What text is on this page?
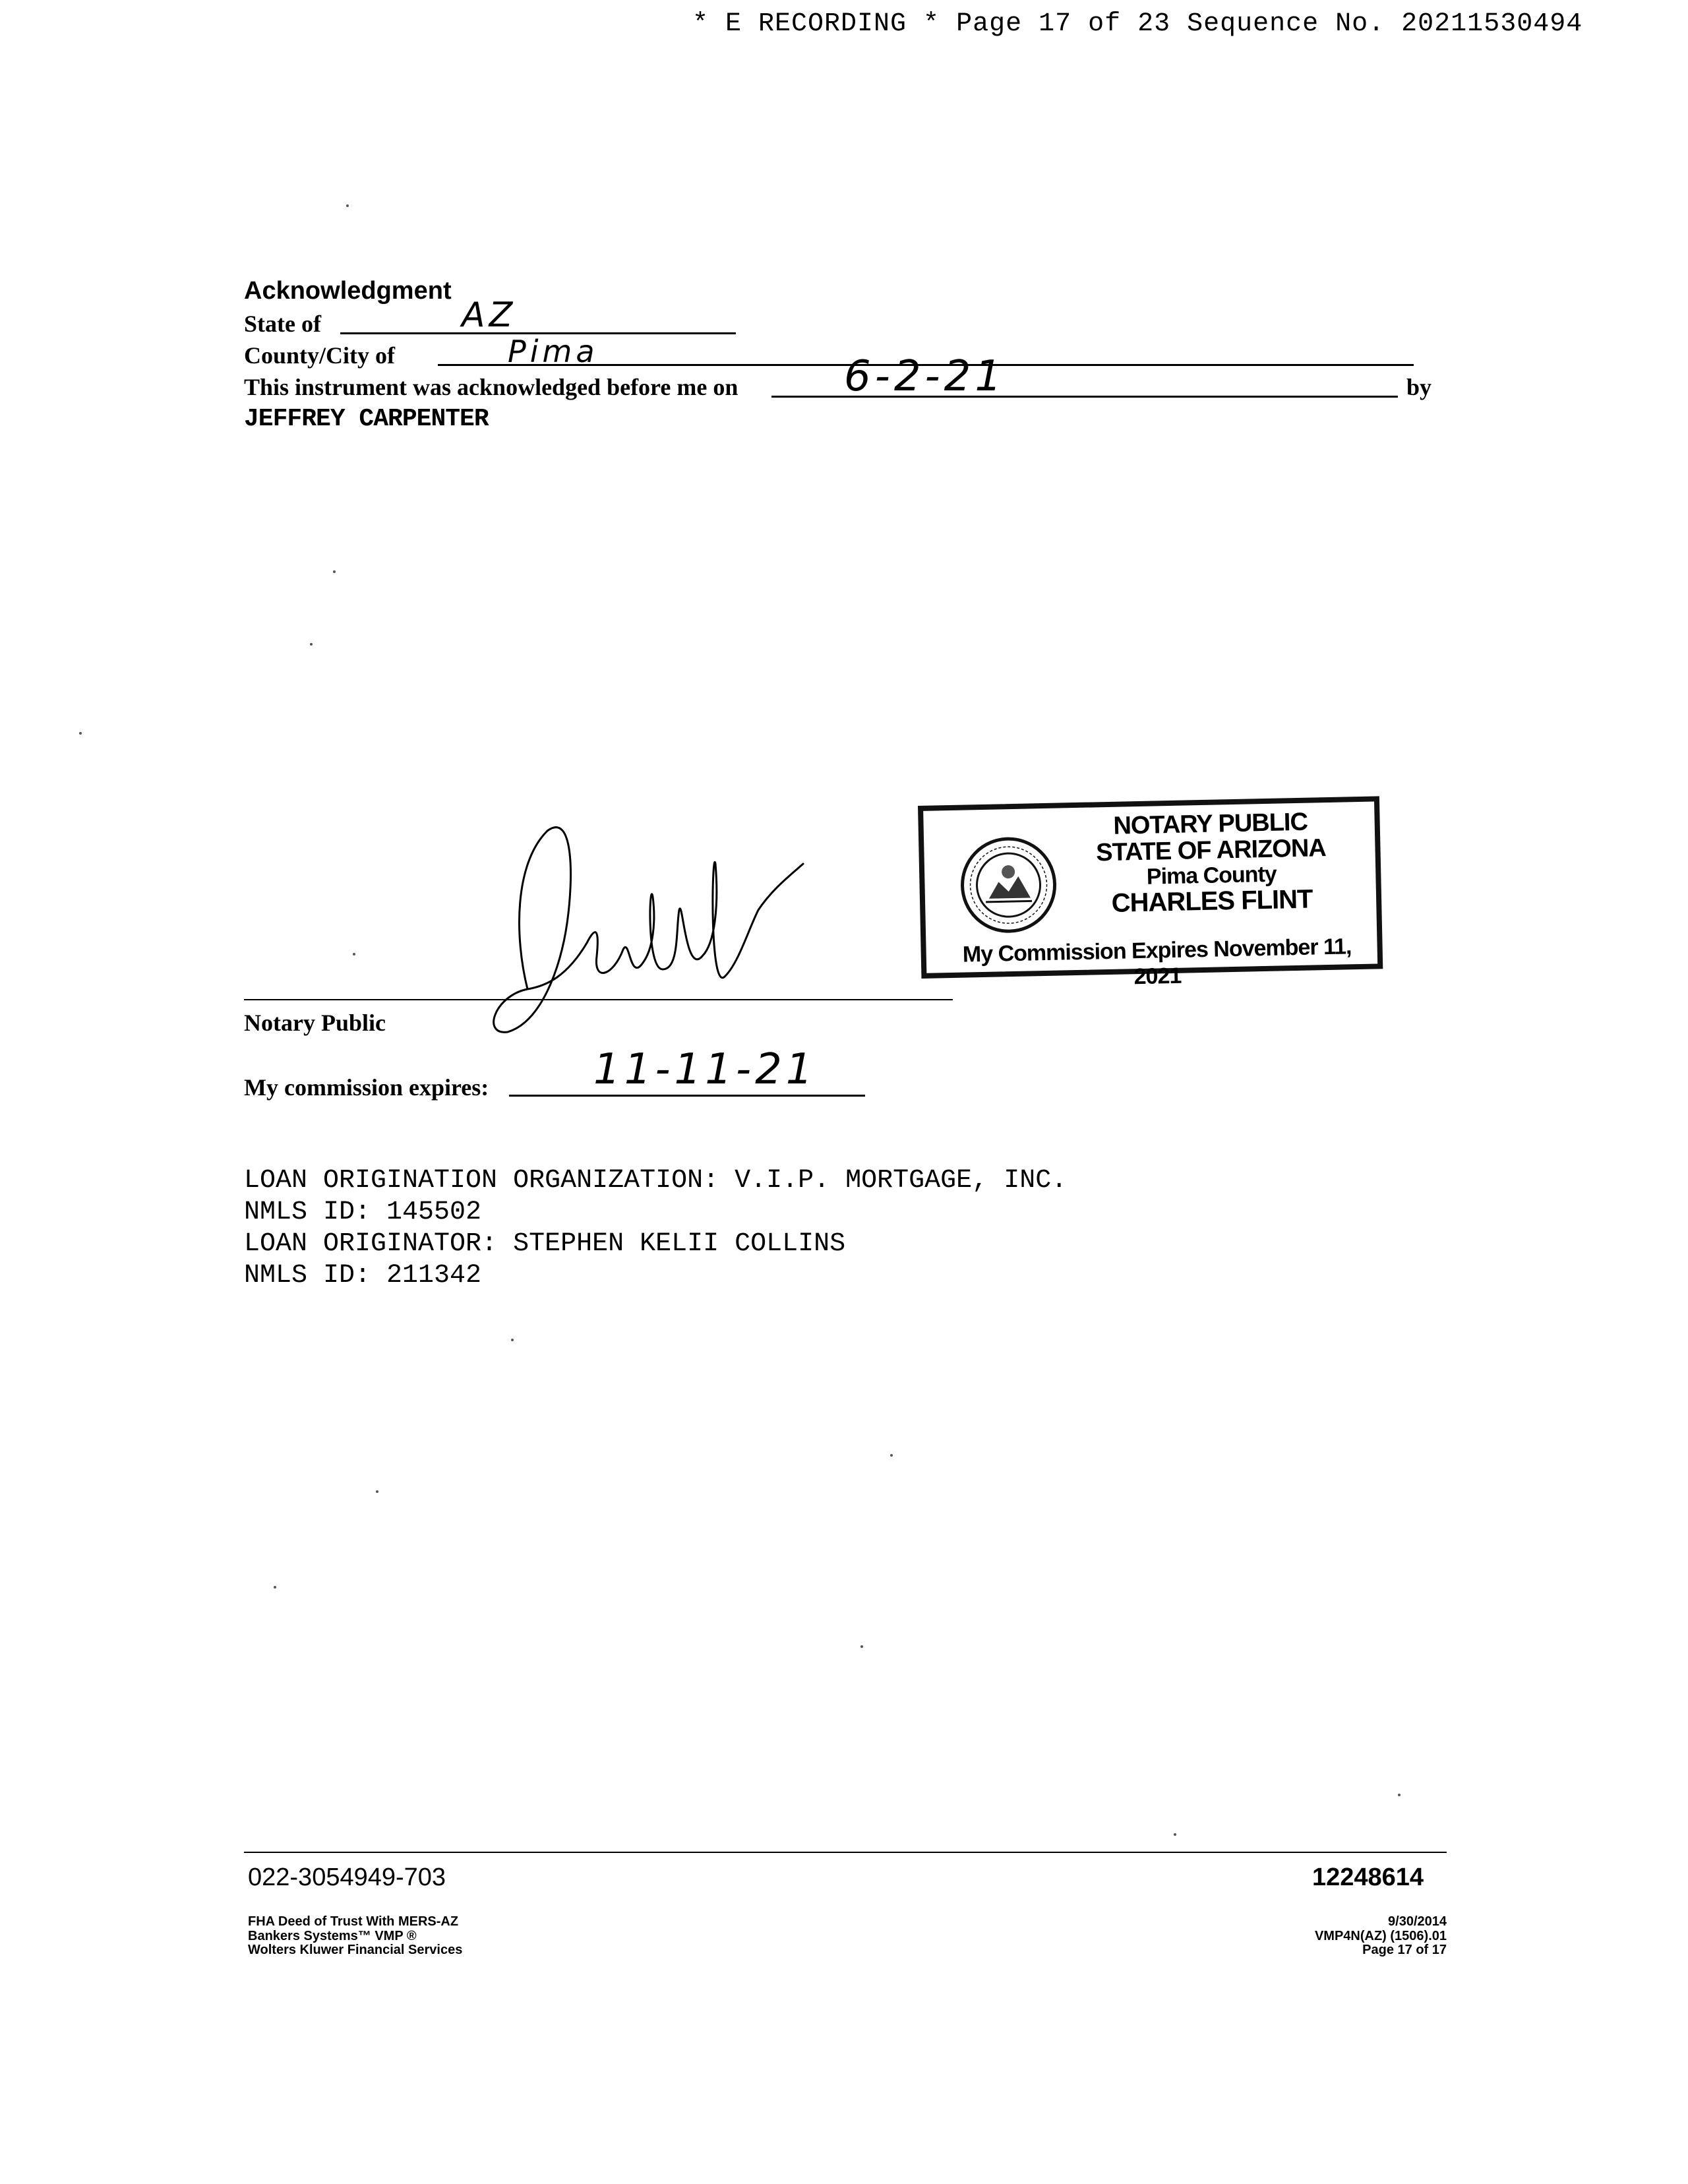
* E RECORDING * Page 17 of 23 Sequence No. 20211530494
Acknowledgment
State of	AZ
County/City of	Pima
This instrument was acknowledged before me on	6-2-21	by
JEFFREY CARPENTER
Notary Public
My commission expires: 11-11-21
NOTARY PUBLIC
STATE OF ARIZONA
Pima County
CHARLES FLINT
My Commission Expires November 11, 2021
LOAN ORIGINATION ORGANIZATION: V.I.P. MORTGAGE, INC.
NMLS ID: 145502
LOAN ORIGINATOR: STEPHEN KELII COLLINS
NMLS ID: 211342
022-3054949-703	12248614
FHA Deed of Trust With MERS-AZ
Bankers Systems™ VMP ®
Wolters Kluwer Financial Services
9/30/2014
VMP4N(AZ) (1506).01
Page 17 of 17
